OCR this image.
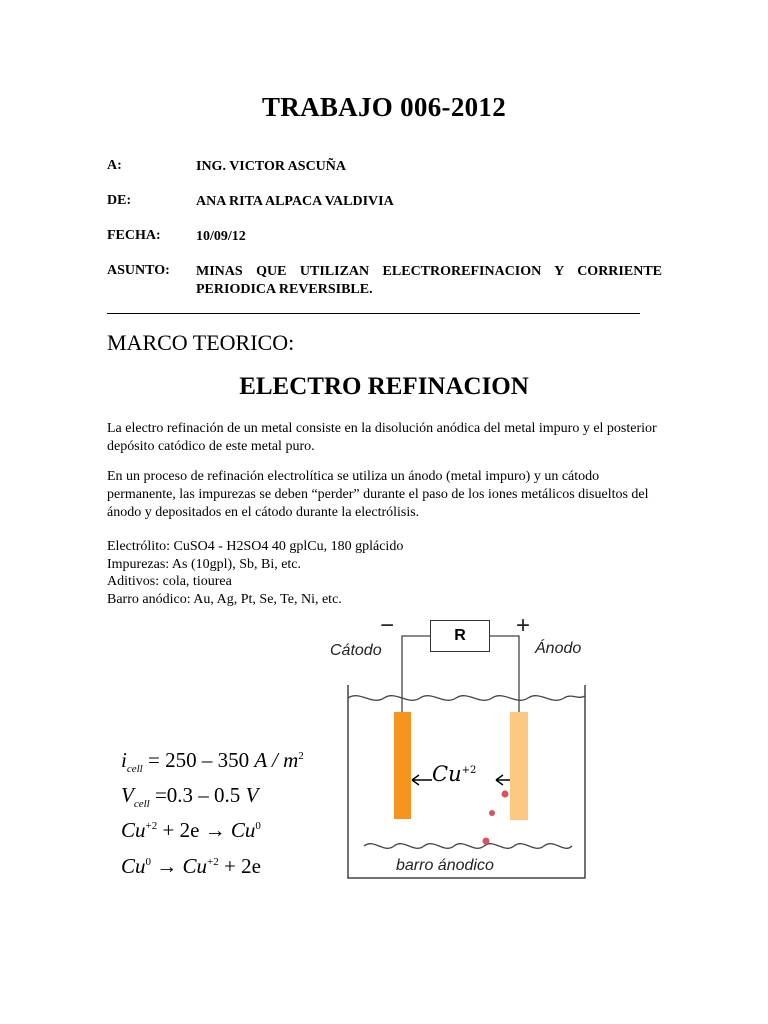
TRABAJO 006-2012
A:	ING. VICTOR ASCUÑA
DE:	ANA RITA ALPACA VALDIVIA
FECHA:	10/09/12
ASUNTO: MINAS QUE UTILIZAN ELECTROREFINACION Y CORRIENTE PERIODICA REVERSIBLE.
MARCO TEORICO:
ELECTRO REFINACION
La electro refinación de un metal consiste en la disolución anódica del metal impuro y el posterior depósito catódico de este metal puro.
En un proceso de refinación electrolítica se utiliza un ánodo (metal impuro) y un cátodo permanente, las impurezas se deben “perder” durante el paso de los iones metálicos disueltos del ánodo y depositados en el cátodo durante la electrólisis.
Electrólito: CuSO4 - H2SO4 40 gplCu, 180 gplácido
Impurezas: As (10gpl), Sb, Bi, etc.
Aditivos: cola, tiourea
Barro anódico: Au, Ag, Pt, Se, Te, Ni, etc.
$i_{cell} = 250 - 350$ A / $m^2$
$V_{cell} =0.3 - 0.5$ V
$Cu^{+2} + 2e \to Cu^0$
$Cu^0 \to Cu^{+2} + 2e$
R
−	+
Cátodo	Ánodo
$Cu^{+2}$
barro ánodico
